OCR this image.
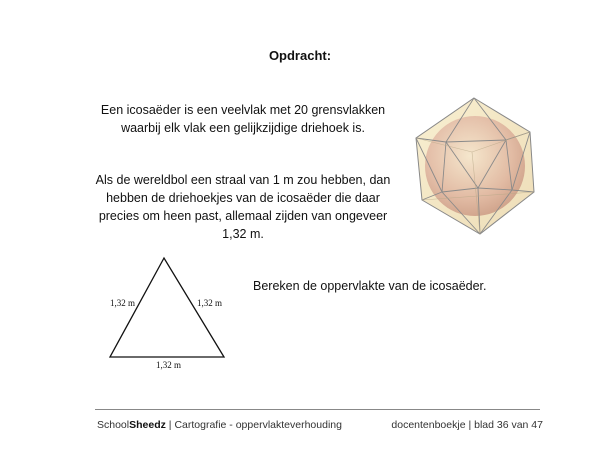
Opdracht:
Een icosaëder is een veelvlak met 20 grensvlakken
waarbij elk vlak een gelijkzijdige driehoek is.
Als de wereldbol een straal van 1 m zou hebben, dan
hebben de driehoekjes van de icosaëder die daar
precies om heen past, allemaal zijden van ongeveer
1,32 m.
1,32 m	1,32 m
1,32 m
Bereken de oppervlakte van de icosaëder.
SchoolSheedz | Cartografie - oppervlakteverhouding	docentenboekje | blad 36 van 47
